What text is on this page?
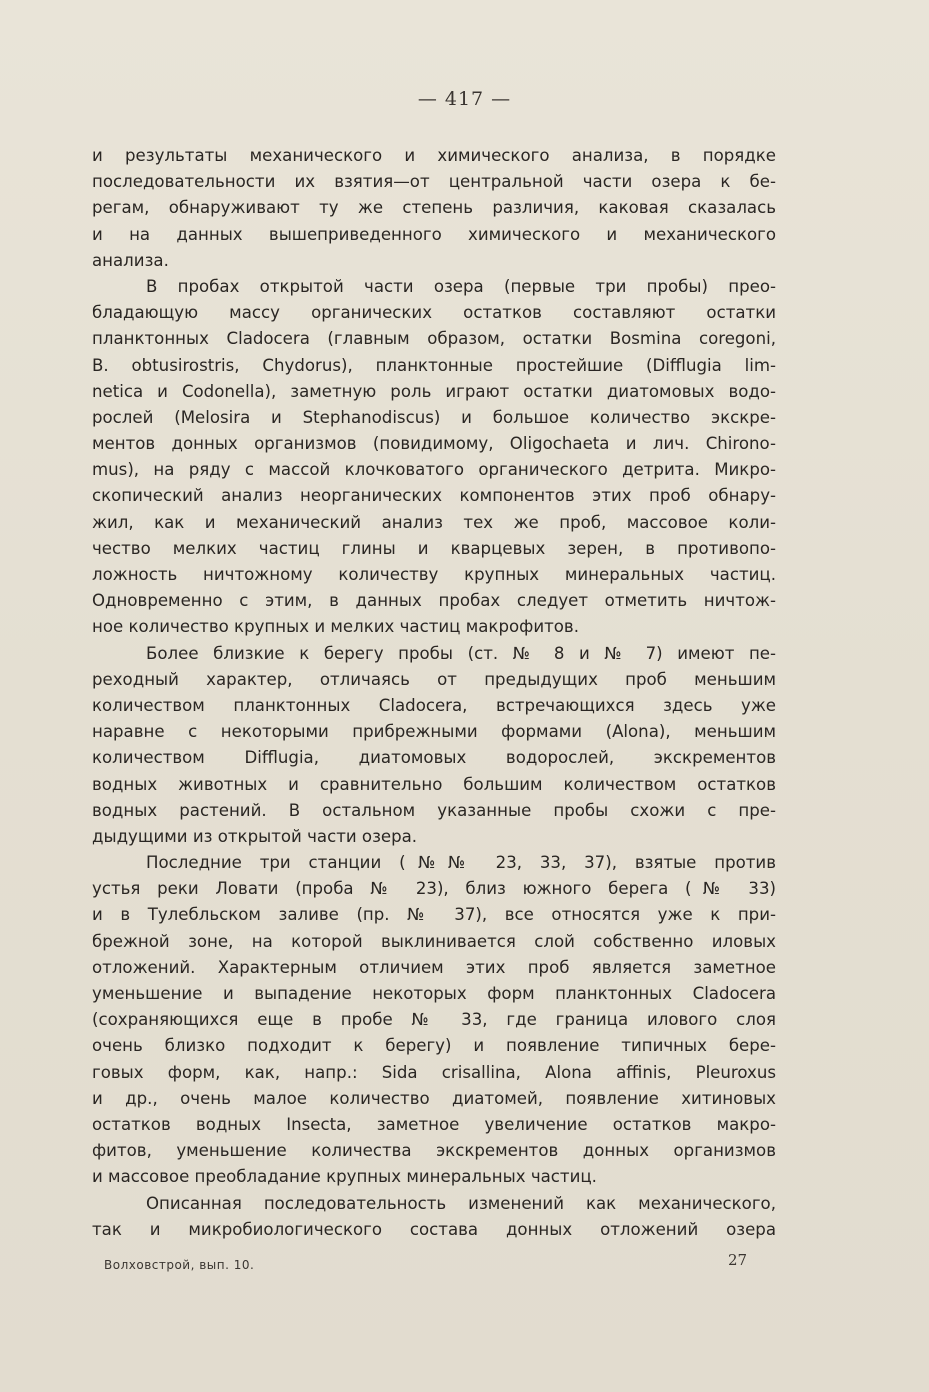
— 417 —
и результаты механического и химического анализа, в порядке
последовательности их взятия—от центральной части озера к бе-
регам, обнаруживают ту же степень различия, каковая сказалась
и на данных вышеприведенного химического и механического
анализа.
В пробах открытой части озера (первые три пробы) прео-
бладающую массу органических остатков составляют остатки
планктонных Cladocera (главным образом, остатки Bosmina coregoni,
B. obtusirostris, Chydorus), планктонные простейшие (Difflugia lim-
netica и Codonella), заметную роль играют остатки диатомовых водо-
рослей (Melosira и Stephanodiscus) и большое количество экскре-
ментов донных организмов (повидимому, Oligochaeta и лич. Chirono-
mus), на ряду с массой клочковатого органического детрита. Микро-
скопический анализ неорганических компонентов этих проб обнару-
жил, как и механический анализ тех же проб, массовое коли-
чество мелких частиц глины и кварцевых зерен, в противопо-
ложность ничтожному количеству крупных минеральных частиц.
Одновременно с этим, в данных пробах следует отметить ничтож-
ное количество крупных и мелких частиц макрофитов.
Более близкие к берегу пробы (ст. № 8 и № 7) имеют пе-
реходный характер, отличаясь от предыдущих проб меньшим
количеством планктонных Cladocera, встречающихся здесь уже
наравне с некоторыми прибрежными формами (Alona), меньшим
количеством Difflugia, диатомовых водорослей, экскрементов
водных животных и сравнительно большим количеством остатков
водных растений. В остальном указанные пробы схожи с пре-
дыдущими из открытой части озера.
Последние три станции (№№ 23, 33, 37), взятые против
устья реки Ловати (проба № 23), близ южного берега (№ 33)
и в Тулебльском заливе (пр. № 37), все относятся уже к при-
брежной зоне, на которой выклинивается слой собственно иловых
отложений. Характерным отличием этих проб является заметное
уменьшение и выпадение некоторых форм планктонных Cladocera
(сохраняющихся еще в пробе № 33, где граница илового слоя
очень близко подходит к берегу) и появление типичных бере-
говых форм, как, напр.: Sida crisallina, Alona affinis, Pleuroxus
и др., очень малое количество диатомей, появление хитиновых
остатков водных Insecta, заметное увеличение остатков макро-
фитов, уменьшение количества экскрементов донных организмов
и массовое преобладание крупных минеральных частиц.
Описанная последовательность изменений как механического,
так и микробиологического состава донных отложений озера
Волховстрой, вып. 10.	27
